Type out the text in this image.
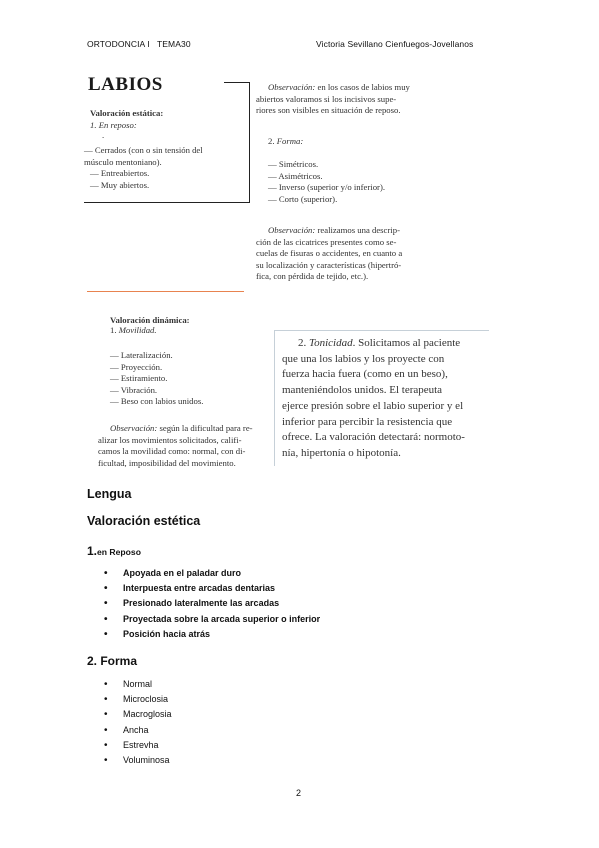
ORTODONCIA I   TEMA30	Victoria Sevillano Cienfuegos-Jovellanos
LABIOS
Valoración estática:
1. En reposo:
.
— Cerrados (con o sin tensión del
músculo mentoniano).
— Entreabiertos.
— Muy abiertos.
Observación: en los casos de labios muy
abiertos valoramos si los incisivos supe-
riores son visibles en situación de reposo.
2. Forma:
— Simétricos.
— Asimétricos.
— Inverso (superior y/o inferior).
— Corto (superior).
Observación: realizamos una descrip-
ción de las cicatrices presentes como se-
cuelas de fisuras o accidentes, en cuanto a
su localización y características (hipertró-
fica, con pérdida de tejido, etc.).
Valoración dinámica:
1. Movilidad.
— Lateralización.
— Proyección.
— Estiramiento.
— Vibración.
— Beso con labios unidos.
Observación: según la dificultad para re-
alizar los movimientos solicitados, califi-
camos la movilidad como: normal, con di-
ficultad, imposibilidad del movimiento.
2. Tonicidad. Solicitamos al paciente
que una los labios y los proyecte con
fuerza hacia fuera (como en un beso),
manteniéndolos unidos. El terapeuta
ejerce presión sobre el labio superior y el
inferior para percibir la resistencia que
ofrece. La valoración detectará: normoto-
nía, hipertonía o hipotonía.
Lengua
Valoración estética
1.en Reposo
• Apoyada en el paladar duro
• Interpuesta entre arcadas dentarias
• Presionado lateralmente las arcadas
• Proyectada sobre la arcada superior o inferior
• Posición hacia atrás
2. Forma
• Normal
• Microclosia
• Macroglosia
• Ancha
• Estrevha
• Voluminosa
2
